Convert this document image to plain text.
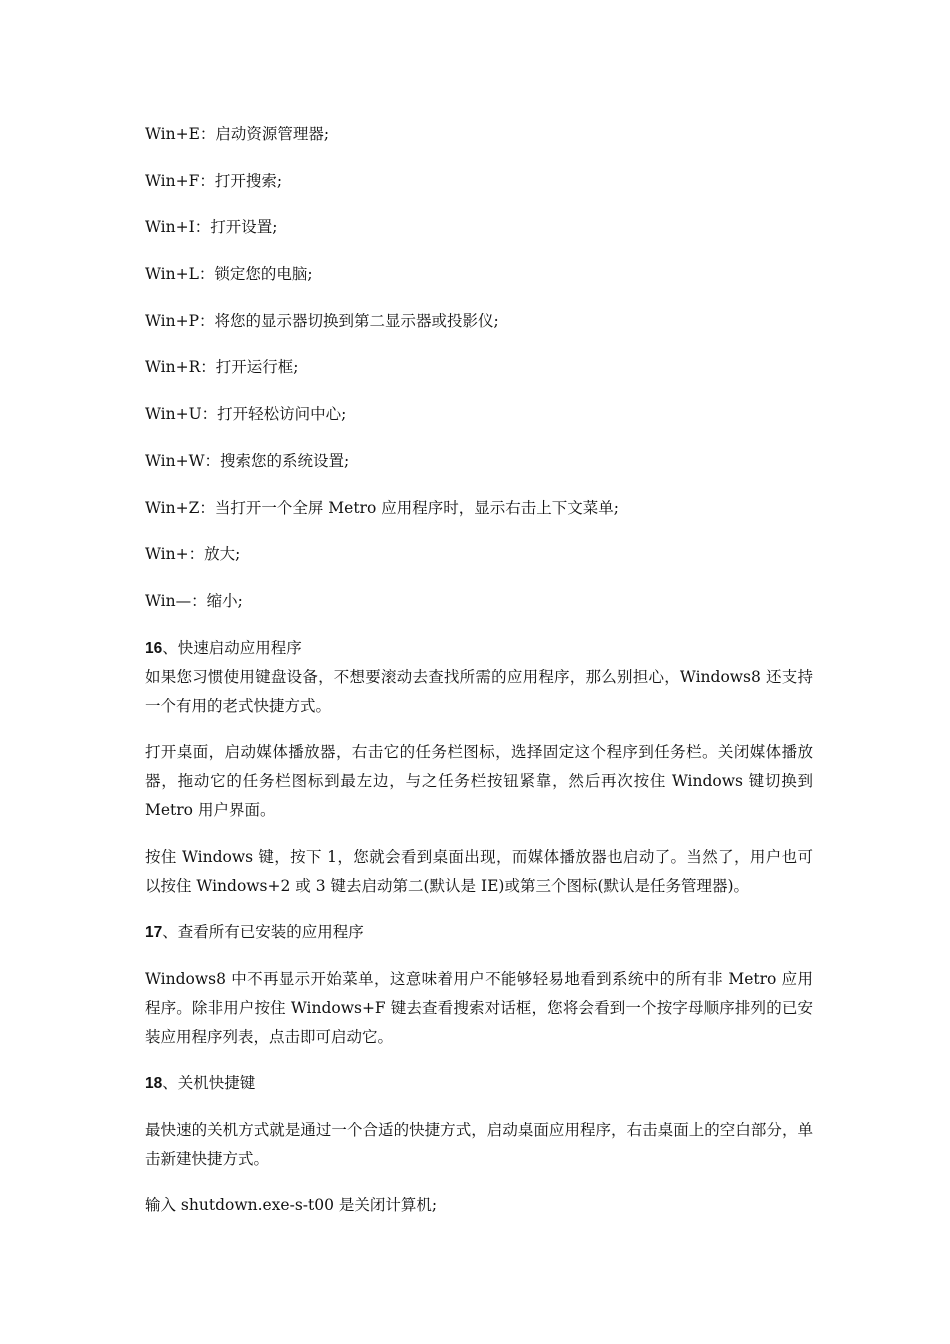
Win+E：启动资源管理器;

Win+F：打开搜索;

Win+I：打开设置;

Win+L：锁定您的电脑;

Win+P：将您的显示器切换到第二显示器或投影仪;

Win+R：打开运行框;

Win+U：打开轻松访问中心;

Win+W：搜索您的系统设置;

Win+Z：当打开一个全屏 Metro 应用程序时，显示右击上下文菜单;

Win+：放大;

Win—：缩小;

16、快速启动应用程序

如果您习惯使用键盘设备，不想要滚动去查找所需的应用程序，那么别担心，Windows8 还支持一个有用的老式快捷方式。

打开桌面，启动媒体播放器，右击它的任务栏图标，选择固定这个程序到任务栏。关闭媒体播放器，拖动它的任务栏图标到最左边，与之任务栏按钮紧靠，然后再次按住 Windows 键切换到 Metro 用户界面。

按住 Windows 键，按下 1，您就会看到桌面出现，而媒体播放器也启动了。当然了，用户也可以按住 Windows+2 或 3 键去启动第二(默认是 IE)或第三个图标(默认是任务管理器)。

17、查看所有已安装的应用程序

Windows8 中不再显示开始菜单，这意味着用户不能够轻易地看到系统中的所有非 Metro 应用程序。除非用户按住 Windows+F 键去查看搜索对话框，您将会看到一个按字母顺序排列的已安装应用程序列表，点击即可启动它。

18、关机快捷键

最快速的关机方式就是通过一个合适的快捷方式，启动桌面应用程序，右击桌面上的空白部分，单击新建快捷方式。

输入 shutdown.exe-s-t00 是关闭计算机;
